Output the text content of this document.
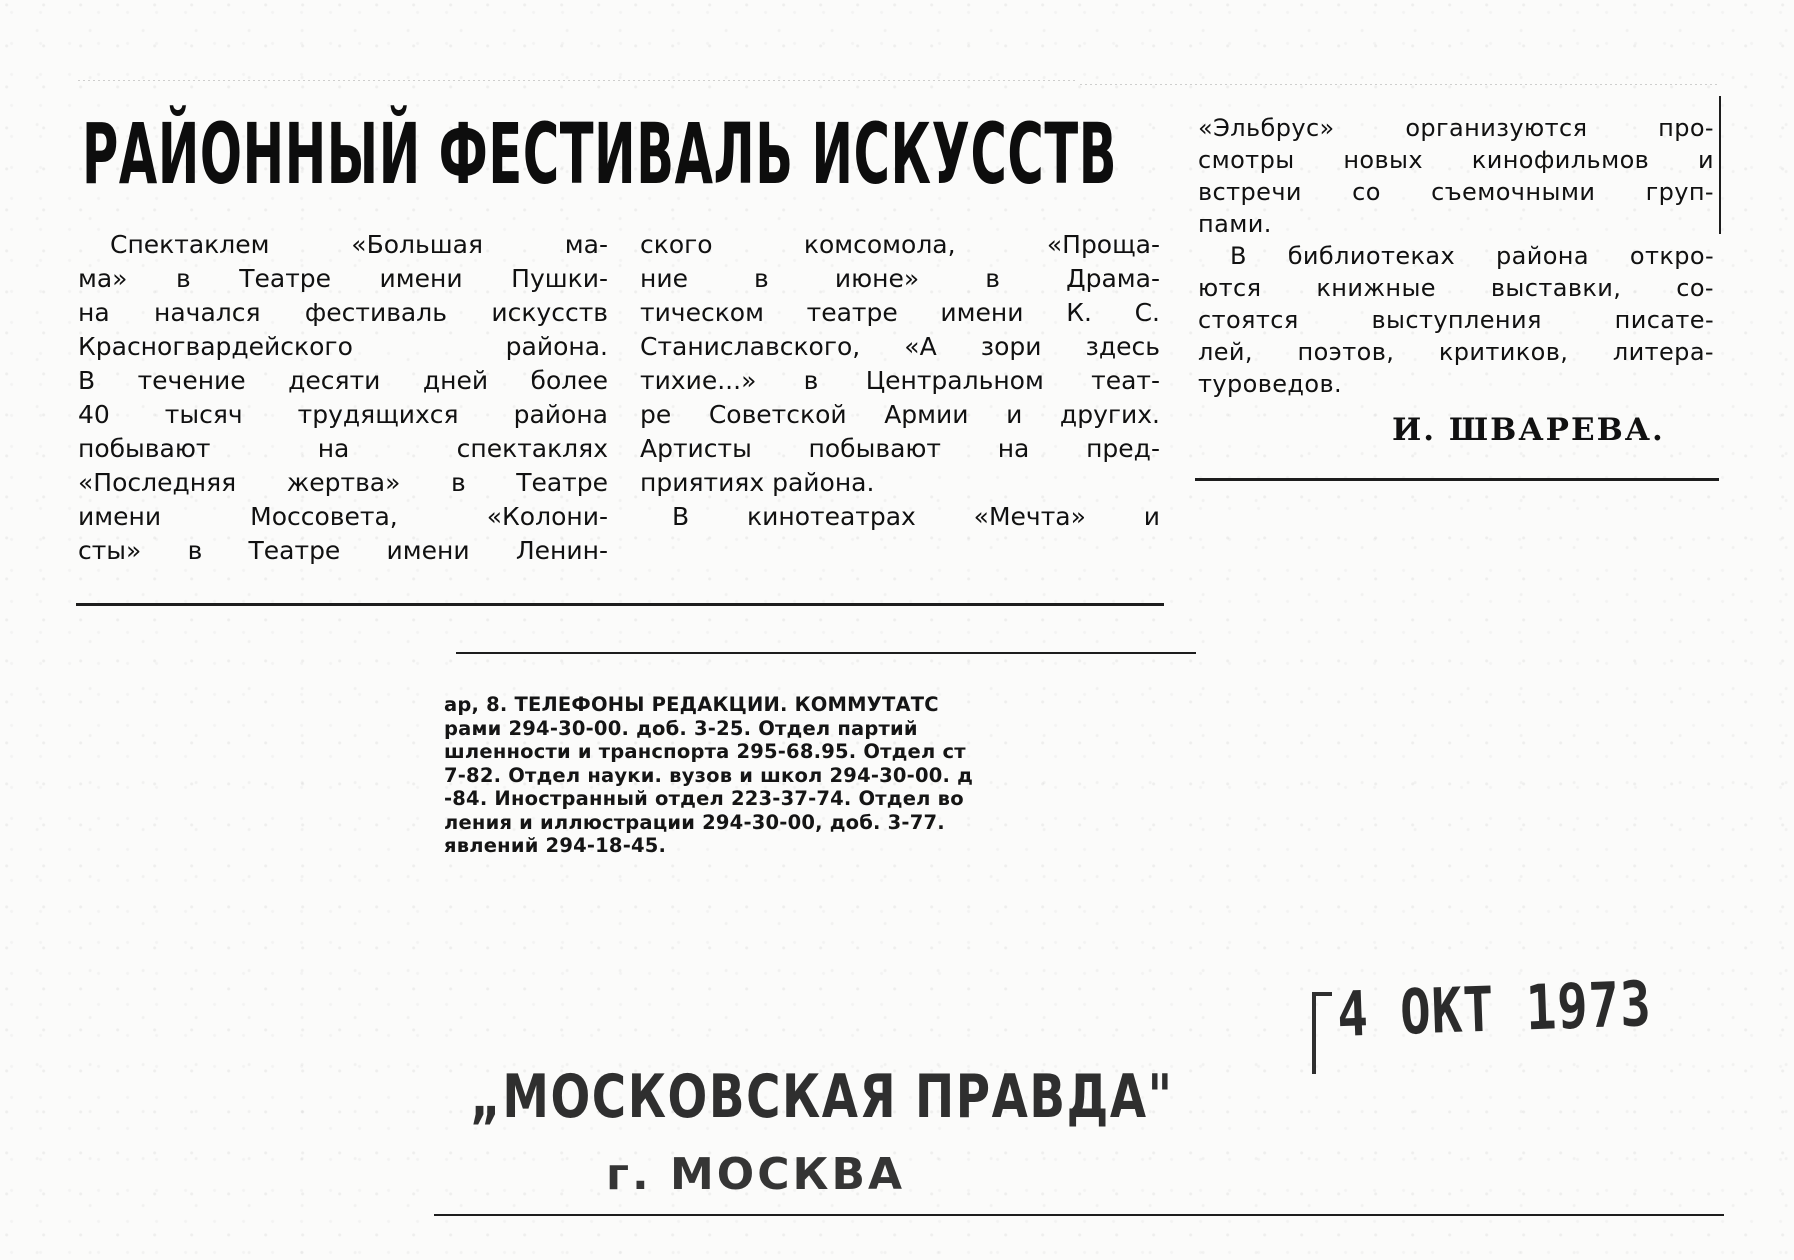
РАЙОННЫЙ ФЕСТИВАЛЬ ИСКУССТВ

Спектаклем «Большая ма-

ма» в Театре имени Пушки-

на начался фестиваль искусств

Красногвардейского района.

В течение десяти дней более

40 тысяч трудящихся района

побывают на спектаклях

«Последняя жертва» в Театре

имени Моссовета, «Колони-

сты» в Театре имени Ленин-

ского комсомола, «Проща-

ние в июне» в Драма-

тическом театре имени К. С.

Станиславского, «А зори здесь

тихие...» в Центральном теат-

ре Советской Армии и других.

Артисты побывают на пред-

приятиях района.

В кинотеатрах «Мечта» и

«Эльбрус» организуются про-

смотры новых кинофильмов и

встречи со съемочными груп-

пами.

В библиотеках района откро-

ются книжные выставки, со-

стоятся выступления писате-

лей, поэтов, критиков, литера-

туроведов.

И. ШВАРЕВА.
ар, 8. ТЕЛЕФОНЫ РЕДАКЦИИ. КОММУТАТС
рами 294-30-00. доб. 3-25. Отдел партий
шленности и транспорта 295-68.95. Отдел ст
7-82. Отдел науки. вузов и школ 294-30-00. д
-84. Иностранный отдел 223-37-74. Отдел во
ления и иллюстрации 294-30-00, доб. 3-77.
явлений 294-18-45.
„МОСКОВСКАЯ ПРАВДА"
г. МОСКВА
4 ОКТ 1973
